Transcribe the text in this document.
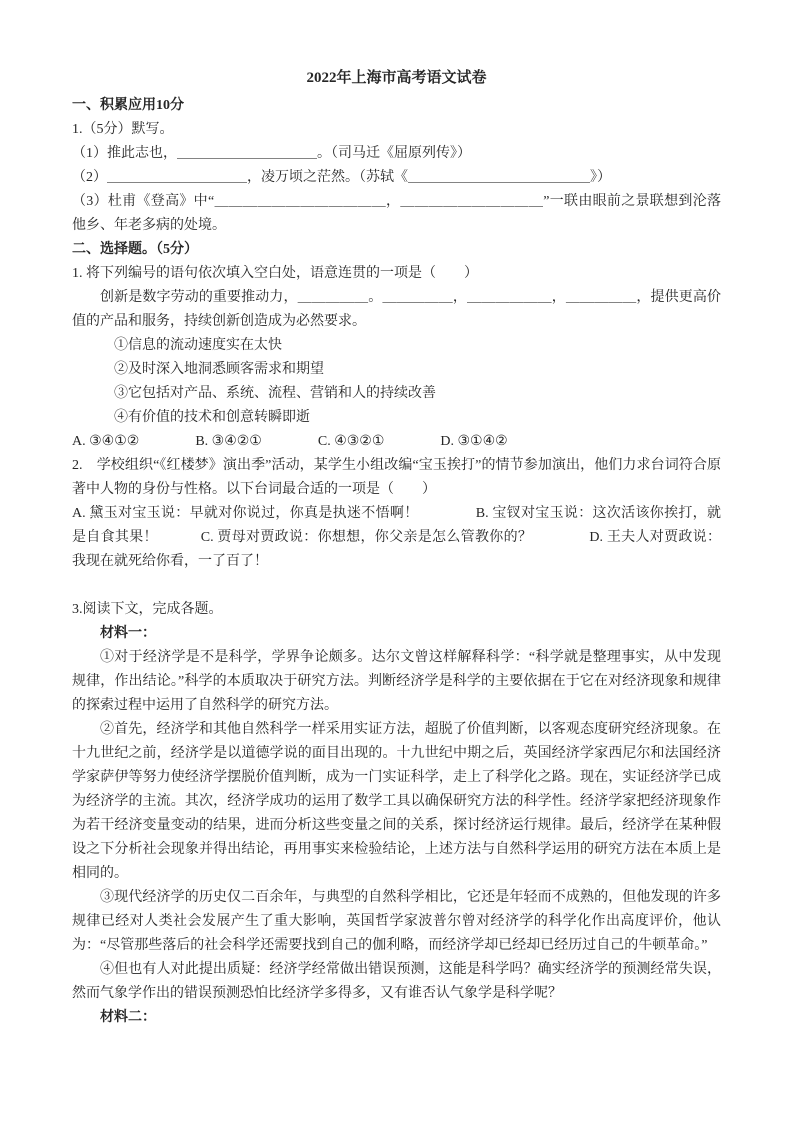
2022年上海市高考语文试卷

一、积累应用10分

1.（5分）默写。

（1）推此志也，＿＿＿＿＿＿＿＿＿＿。（司马迁《屈原列传》）

（2）＿＿＿＿＿＿＿＿＿＿，凌万顷之茫然。（苏轼《＿＿＿＿＿＿＿＿＿＿＿＿＿》）

（3）杜甫《登高》中“＿＿＿＿＿＿＿＿＿＿＿＿，＿＿＿＿＿＿＿＿＿＿”一联由眼前之景联想到沦落他乡、年老多病的处境。

二、选择题。（5分）

1. 将下列编号的语句依次填入空白处，语意连贯的一项是（　　）

创新是数字劳动的重要推动力，＿＿＿＿＿。＿＿＿＿＿，＿＿＿＿＿＿，＿＿＿＿＿，提供更高价值的产品和服务，持续创新创造成为必然要求。

①信息的流动速度实在太快

②及时深入地洞悉顾客需求和期望

③它包括对产品、系统、流程、营销和人的持续改善

④有价值的技术和创意转瞬即逝

A. ③④①②　　　　B. ③④②①　　　　C. ④③②①　　　　D. ③①④②

2.　学校组织“《红楼梦》演出季”活动，某学生小组改编“宝玉挨打”的情节参加演出，他们力求台词符合原著中人物的身份与性格。以下台词最合适的一项是（　　）

A. 黛玉对宝玉说：早就对你说过，你真是执迷不悟啊！　　　　B. 宝钗对宝玉说：这次活该你挨打，就是自食其果！　　　C. 贾母对贾政说：你想想，你父亲是怎么管教你的？　　　　D. 王夫人对贾政说：我现在就死给你看，一了百了！

3.阅读下文，完成各题。

材料一：

①对于经济学是不是科学，学界争论颇多。达尔文曾这样解释科学：“科学就是整理事实，从中发现规律，作出结论。”科学的本质取决于研究方法。判断经济学是科学的主要依据在于它在对经济现象和规律的探索过程中运用了自然科学的研究方法。

②首先，经济学和其他自然科学一样采用实证方法，超脱了价值判断，以客观态度研究经济现象。在十九世纪之前，经济学是以道德学说的面目出现的。十九世纪中期之后，英国经济学家西尼尔和法国经济学家萨伊等努力使经济学摆脱价值判断，成为一门实证科学，走上了科学化之路。现在，实证经济学已成为经济学的主流。其次，经济学成功的运用了数学工具以确保研究方法的科学性。经济学家把经济现象作为若干经济变量变动的结果，进而分析这些变量之间的关系，探讨经济运行规律。最后，经济学在某种假设之下分析社会现象并得出结论，再用事实来检验结论，上述方法与自然科学运用的研究方法在本质上是相同的。

③现代经济学的历史仅二百余年，与典型的自然科学相比，它还是年轻而不成熟的，但他发现的许多规律已经对人类社会发展产生了重大影响，英国哲学家波普尔曾对经济学的科学化作出高度评价，他认为：“尽管那些落后的社会科学还需要找到自己的伽利略，而经济学却已经却已经历过自己的牛顿革命。”

④但也有人对此提出质疑：经济学经常做出错误预测，这能是科学吗？确实经济学的预测经常失误，然而气象学作出的错误预测恐怕比经济学多得多，又有谁否认气象学是科学呢？

材料二：
